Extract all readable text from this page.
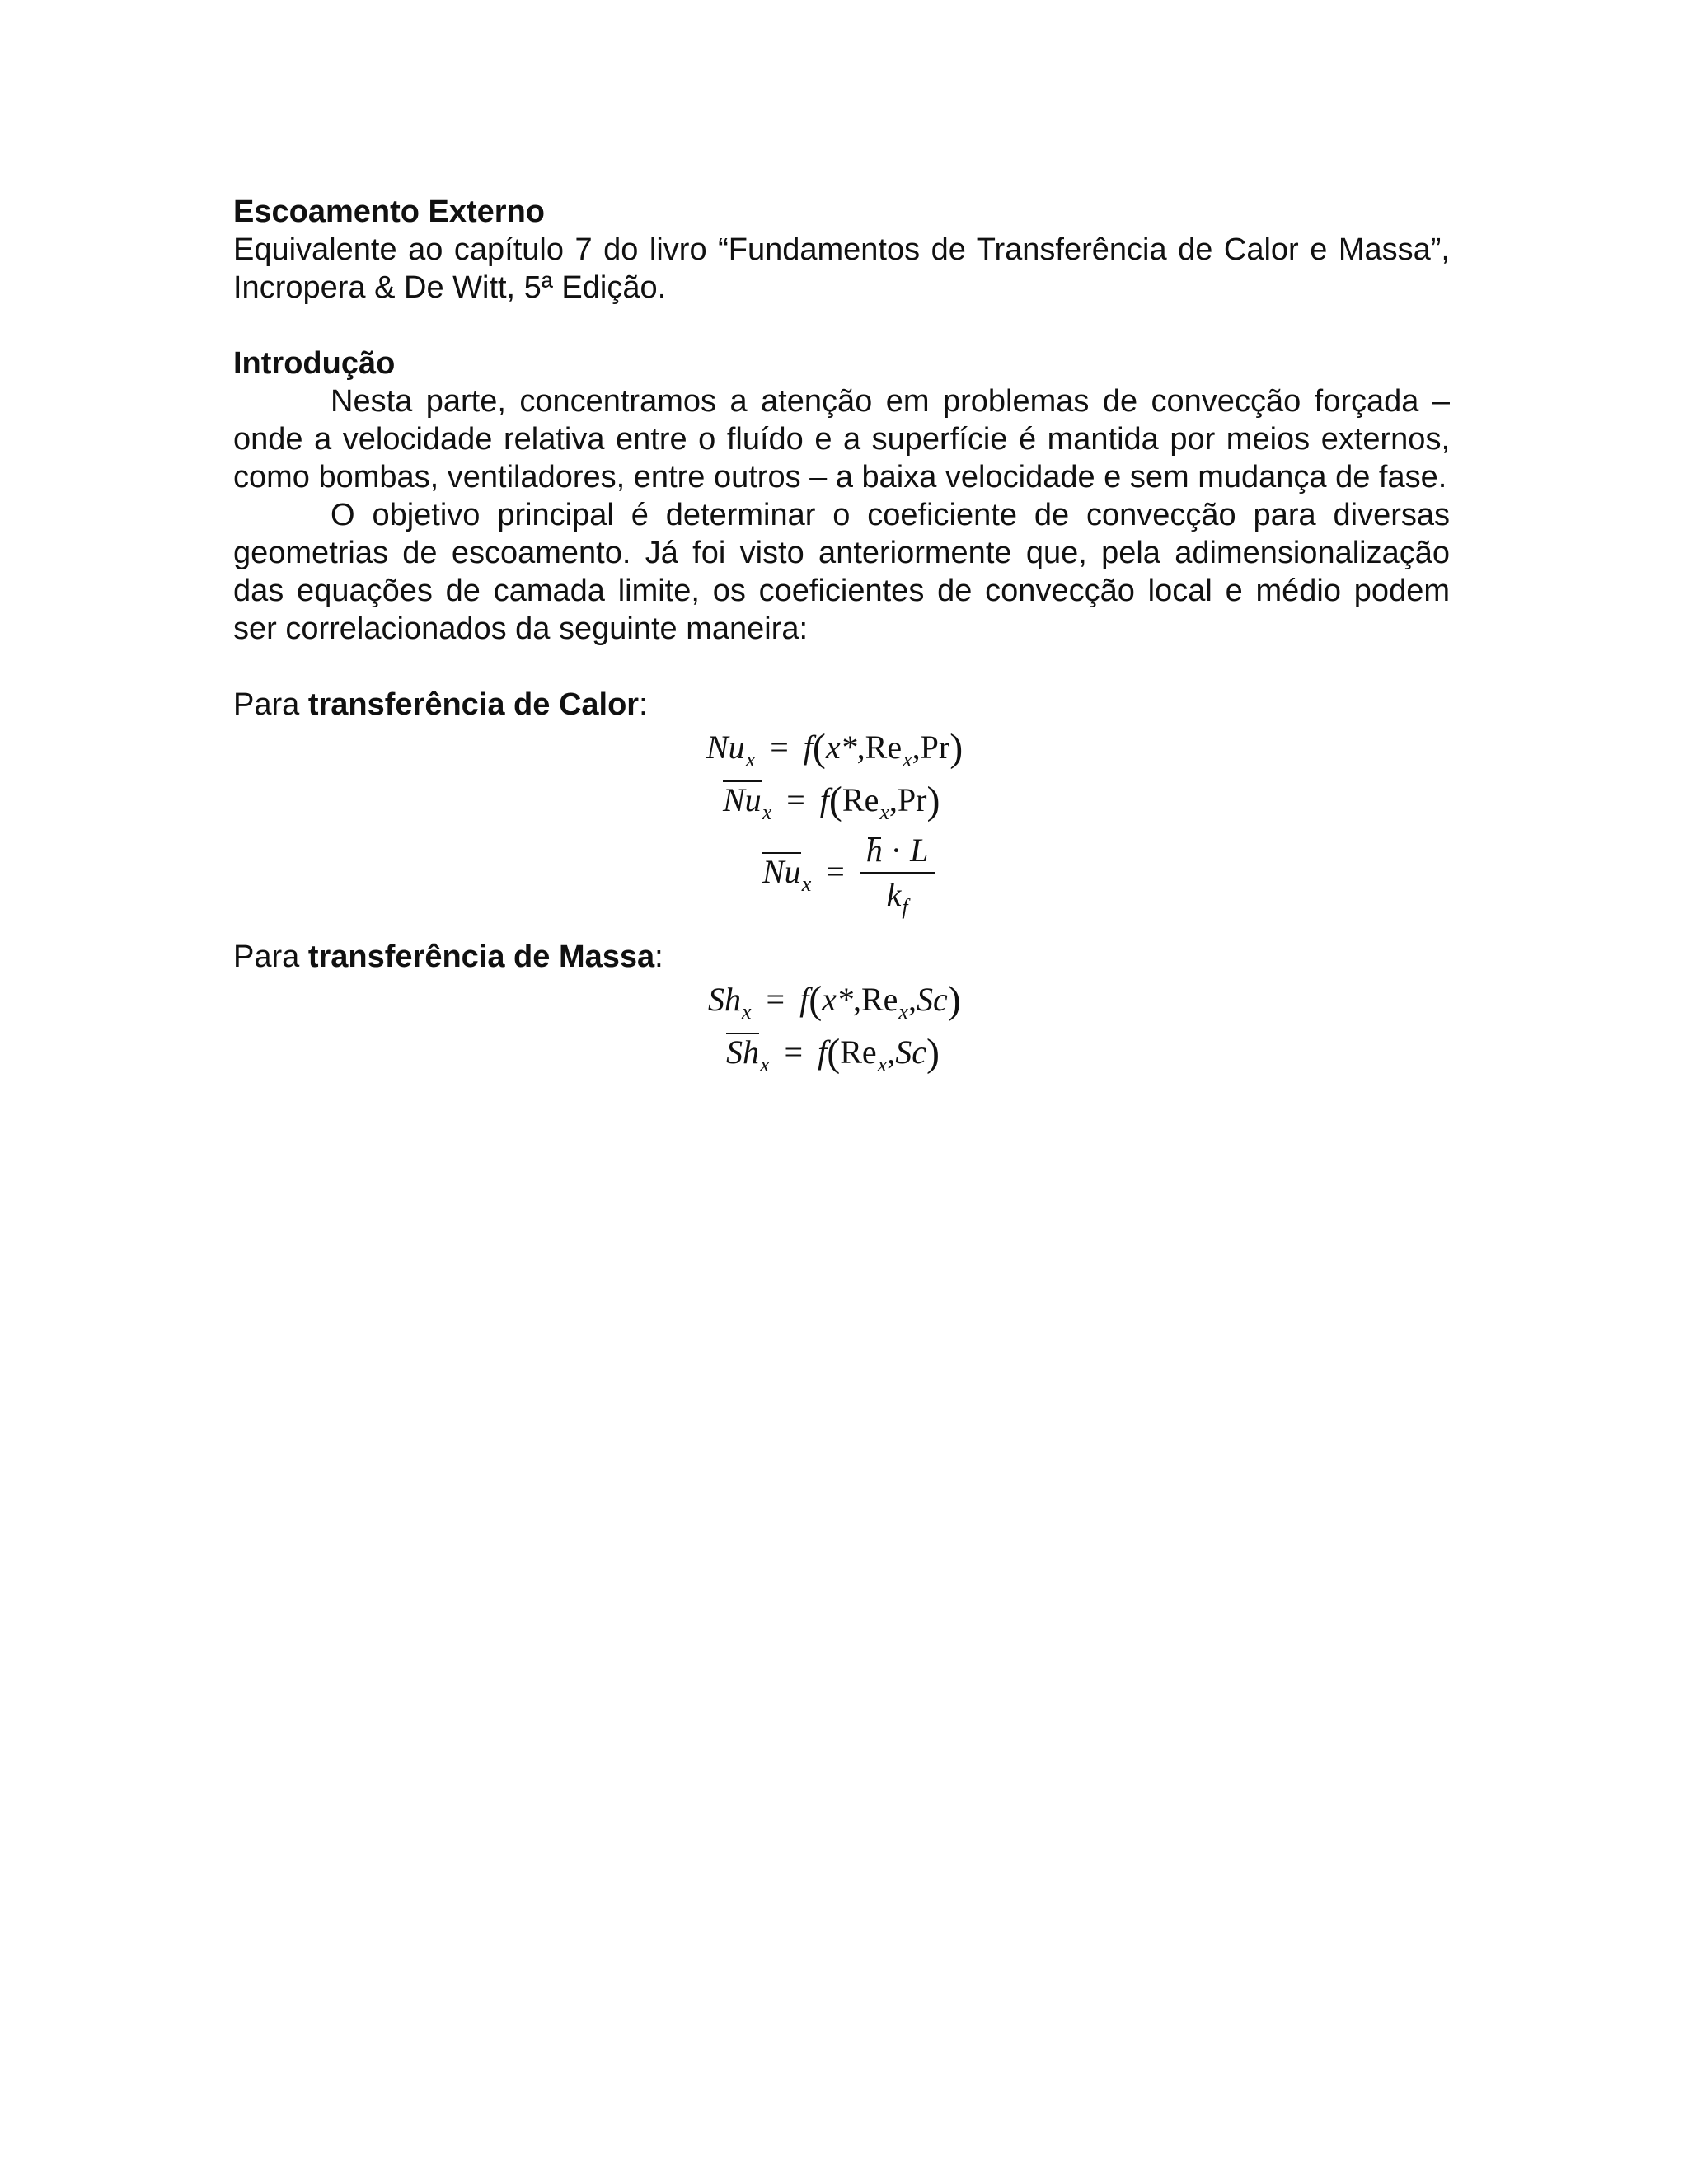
Escoamento Externo

Equivalente ao capítulo 7 do livro “Fundamentos de Transferência de Calor e Massa”, Incropera & De Witt, 5ª Edição.

Introdução

Nesta parte, concentramos a atenção em problemas de convecção forçada – onde a velocidade relativa entre o fluído e a superfície é mantida por meios externos, como bombas, ventiladores, entre outros – a baixa velocidade e sem mudança de fase.

O objetivo principal é determinar o coeficiente de convecção para diversas geometrias de escoamento. Já foi visto anteriormente que, pela adimensionalização das equações de camada limite, os coeficientes de convecção local e médio podem ser correlacionados da seguinte maneira:

Para transferência de Calor:

$Nu_x = f(x*,Re_x,Pr)$
$Nu_x = f(Re_x,Pr)$
$Nu_x = \frac{h \cdot L}{k_f}$

Para transferência de Massa:

$Sh_x = f(x*,Re_x,Sc)$
$Sh_x = f(Re_x,Sc)$
